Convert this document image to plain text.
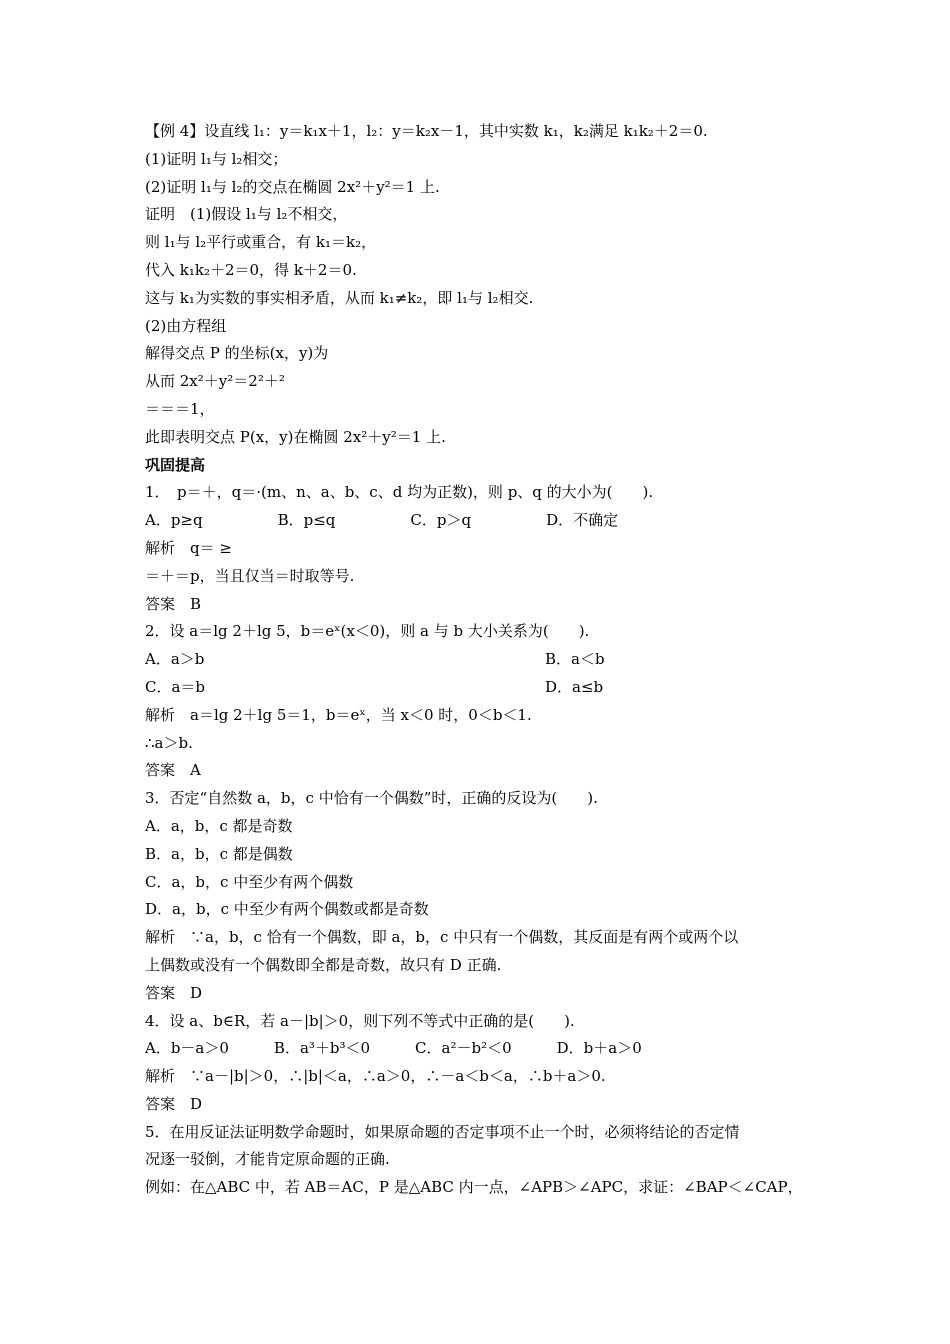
【例 4】设直线 l₁：y＝k₁x＋1，l₂：y＝k₂x－1，其中实数 k₁，k₂满足 k₁k₂＋2＝0.
(1)证明 l₁与 l₂相交；
(2)证明 l₁与 l₂的交点在椭圆 2x²＋y²＝1 上.
证明　(1)假设 l₁与 l₂不相交，
则 l₁与 l₂平行或重合，有 k₁＝k₂，
代入 k₁k₂＋2＝0，得 k＋2＝0.
这与 k₁为实数的事实相矛盾，从而 k₁≠k₂，即 l₁与 l₂相交.
(2)由方程组
解得交点 P 的坐标(x，y)为
从而 2x²＋y²＝2²＋²
＝＝＝1，
此即表明交点 P(x，y)在椭圆 2x²＋y²＝1 上.
巩固提高
1．　p＝＋，q＝·(m、n、a、b、c、d 均为正数)，则 p、q 的大小为(　　).
A．p≥q　　　　　B．p≤q　　　　　C．p＞q　　　　　D．不确定
解析　q＝ ≥
＝＋＝p，当且仅当＝时取等号.
答案　B
2．设 a＝lg 2＋lg 5，b＝eˣ(x＜0)，则 a 与 b 大小关系为(　　).
A．a＞b	B．a＜b
C．a＝b	D．a≤b
解析　a＝lg 2＋lg 5＝1，b＝eˣ，当 x＜0 时，0＜b＜1.
∴a＞b.
答案　A
3．否定“自然数 a，b，c 中恰有一个偶数”时，正确的反设为(　　).
A．a，b，c 都是奇数
B．a，b，c 都是偶数
C．a，b，c 中至少有两个偶数
D．a，b，c 中至少有两个偶数或都是奇数
解析　∵a，b，c 恰有一个偶数，即 a，b，c 中只有一个偶数，其反面是有两个或两个以
上偶数或没有一个偶数即全都是奇数，故只有 D 正确.
答案　D
4．设 a、b∈R，若 a－|b|＞0，则下列不等式中正确的是(　　).
A．b－a＞0　　　B．a³＋b³＜0　　　C．a²－b²＜0　　　D．b＋a＞0
解析　∵a－|b|＞0，∴|b|＜a，∴a＞0，∴－a＜b＜a，∴b＋a＞0.
答案　D
5．在用反证法证明数学命题时，如果原命题的否定事项不止一个时，必须将结论的否定情
况逐一驳倒，才能肯定原命题的正确.
例如：在△ABC 中，若 AB＝AC，P 是△ABC 内一点，∠APB＞∠APC，求证：∠BAP＜∠CAP，
